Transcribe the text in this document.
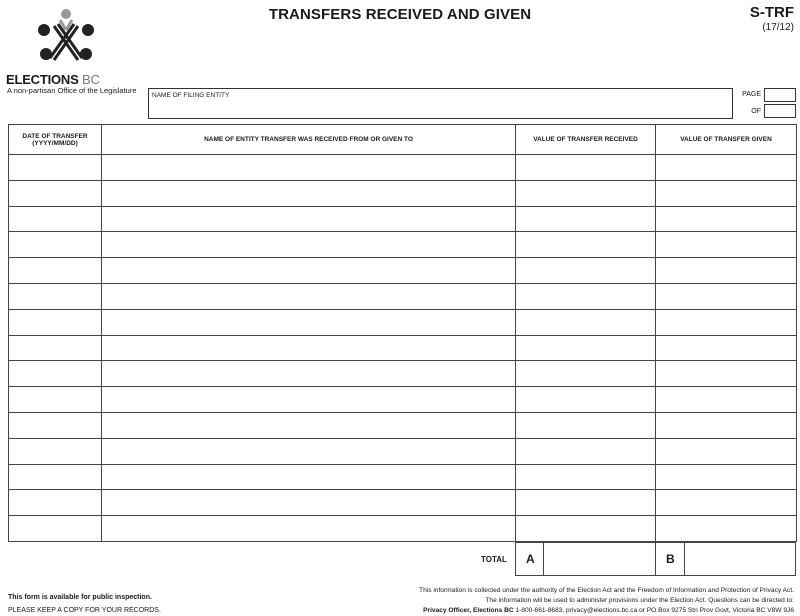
ELECTIONS BC
A non-partisan Office of the Legislature
TRANSFERS RECEIVED AND GIVEN	S-TRF
(17/12)
NAME OF FILING ENTITY	PAGE
OF
DATE OF TRANSFER (YYYY/MM/DD)	NAME OF ENTITY TRANSFER WAS RECEIVED FROM OR GIVEN TO	VALUE OF TRANSFER RECEIVED	VALUE OF TRANSFER GIVEN

TOTAL A	B
This form is available for public inspection.
PLEASE KEEP A COPY FOR YOUR RECORDS.
This information is collected under the authority of the Election Act and the Freedom of Information and Protection of Privacy Act.
The information will be used to administer provisions under the Election Act. Questions can be directed to:
Privacy Officer, Elections BC 1-800-661-8683, privacy@elections.bc.ca or PO Box 9275 Stn Prov Govt, Victoria BC V8W 9J6
